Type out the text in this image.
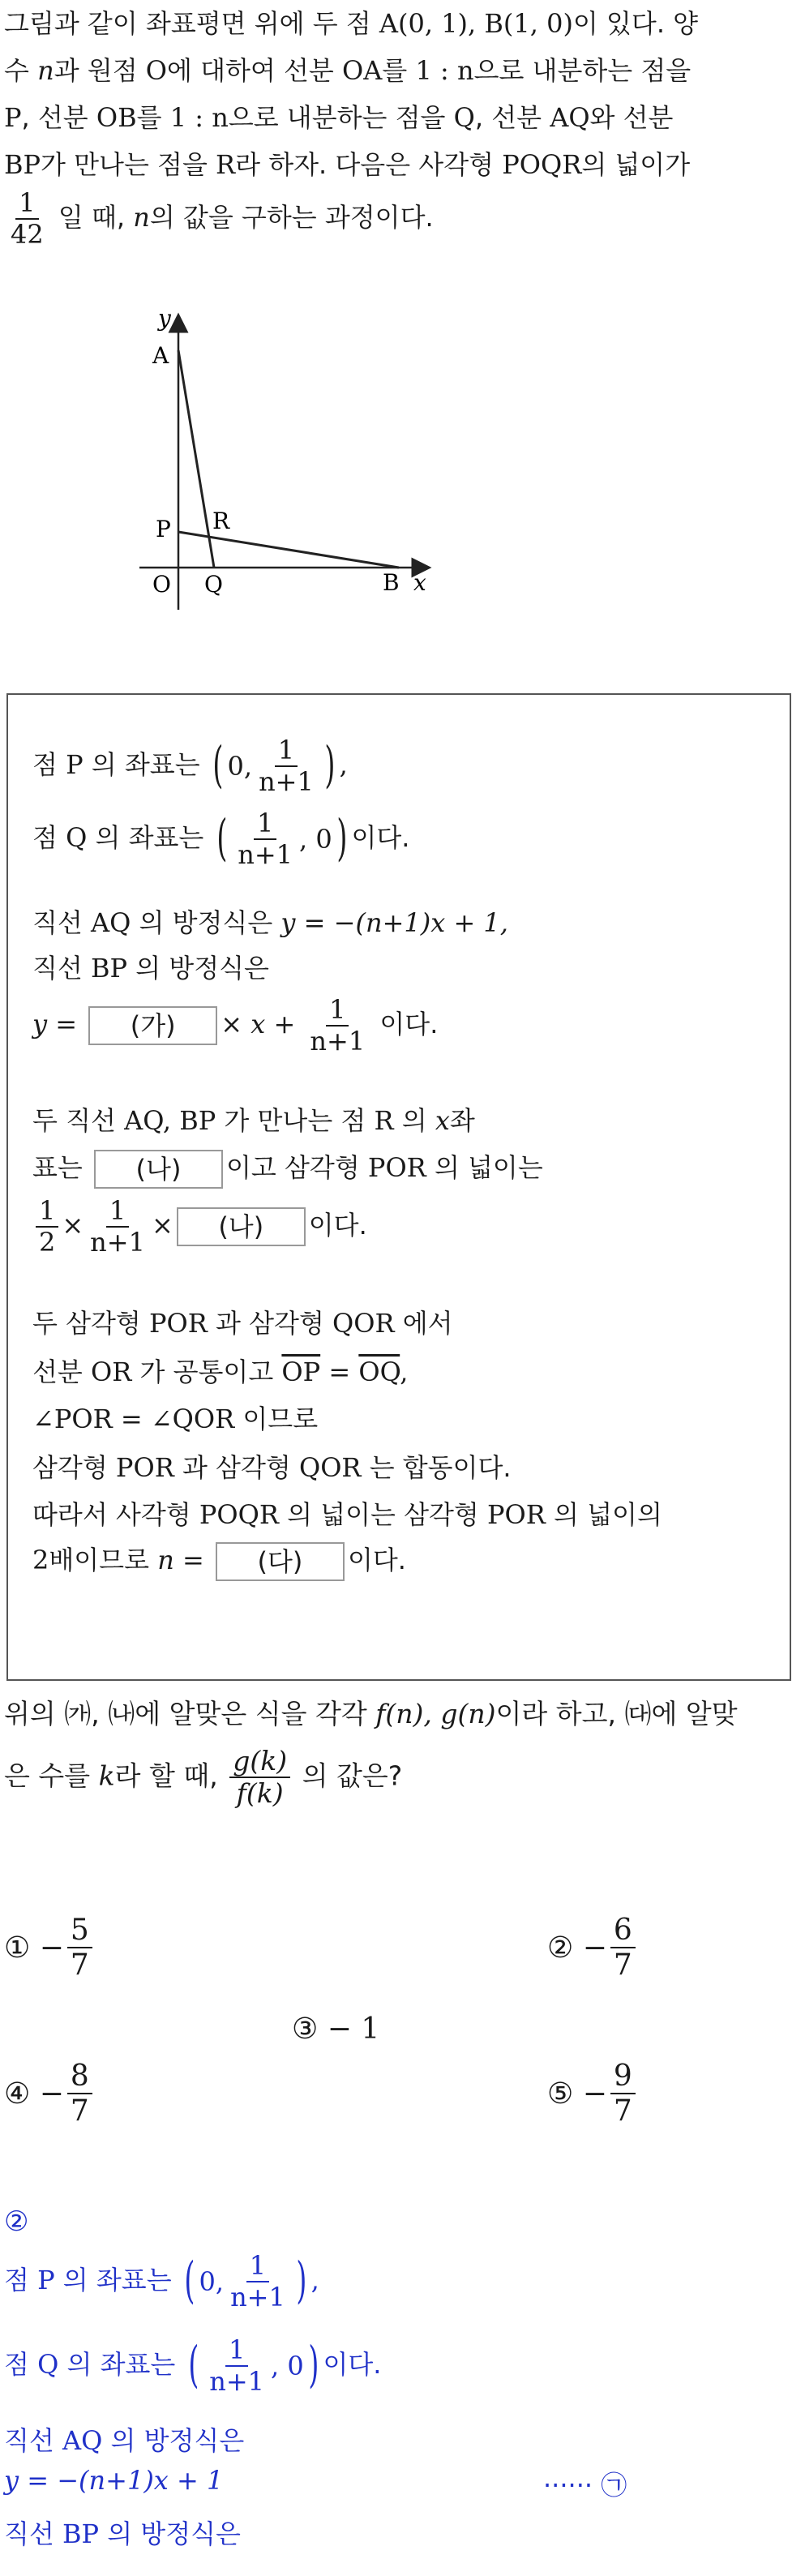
그림과 같이 좌표평면 위에 두 점 A(0, 1), B(1, 0)이 있다. 양

수 n과 원점 O에 대하여 선분 OA를 1 : n으로 내분하는 점을

P, 선분 OB를 1 : n으로 내분하는 점을 Q, 선분 AQ와 선분

BP가 만나는 점을 R라 하자. 다음은 사각형 POQR의 넓이가

$\frac{1}{42}$ 일 때, n의 값을 구하는 과정이다.

y
x
A
P R
O Q	B
점 P 의 좌표는 ( 0, $\frac{1}{n+1}$ ) ,
점 Q 의 좌표는 ( $\frac{1}{n+1}$ , 0 ) 이다.
직선 AQ 의 방정식은 y = −(n+1)x + 1,
직선 BP 의 방정식은
y = (가) × $x + \frac{1}{n+1}$ 이다.
두 직선 AQ, BP 가 만나는 점 R 의 x좌
표는 (나) 이고 삼각형 POR 의 넓이는
$\frac{1}{2} \times \frac{1}{n+1}$ × (나) 이다.
두 삼각형 POR 과 삼각형 QOR 에서
선분 OR 가 공통이고 $\overline{OP} = \overline{OQ}$,
∠POR = ∠QOR 이므로
삼각형 POR 과 삼각형 QOR 는 합동이다.
따라서 사각형 POQR 의 넓이는 삼각형 POR 의 넓이의
2배이므로 n = (다) 이다.
위의 ㈎, ㈏에 알맞은 식을 각각 f(n), g(n)이라 하고, ㈐에 알맞
은 수를 k라 할 때, $\frac{g(k)}{f(k)}$ 의 값은?
①
− $\frac{5}{7}$	②
− $\frac{6}{7}$
③
−
1
④
− $\frac{8}{7}$	⑤
− $\frac{9}{7}$
②
점 P 의 좌표는 ( 0, $\frac{1}{n+1}$ ) ,
점 Q 의 좌표는 ( $\frac{1}{n+1}$ , 0 ) 이다.
직선 AQ 의 방정식은
y = −(n+1)x + 1	······ ㉠
직선 BP 의 방정식은
